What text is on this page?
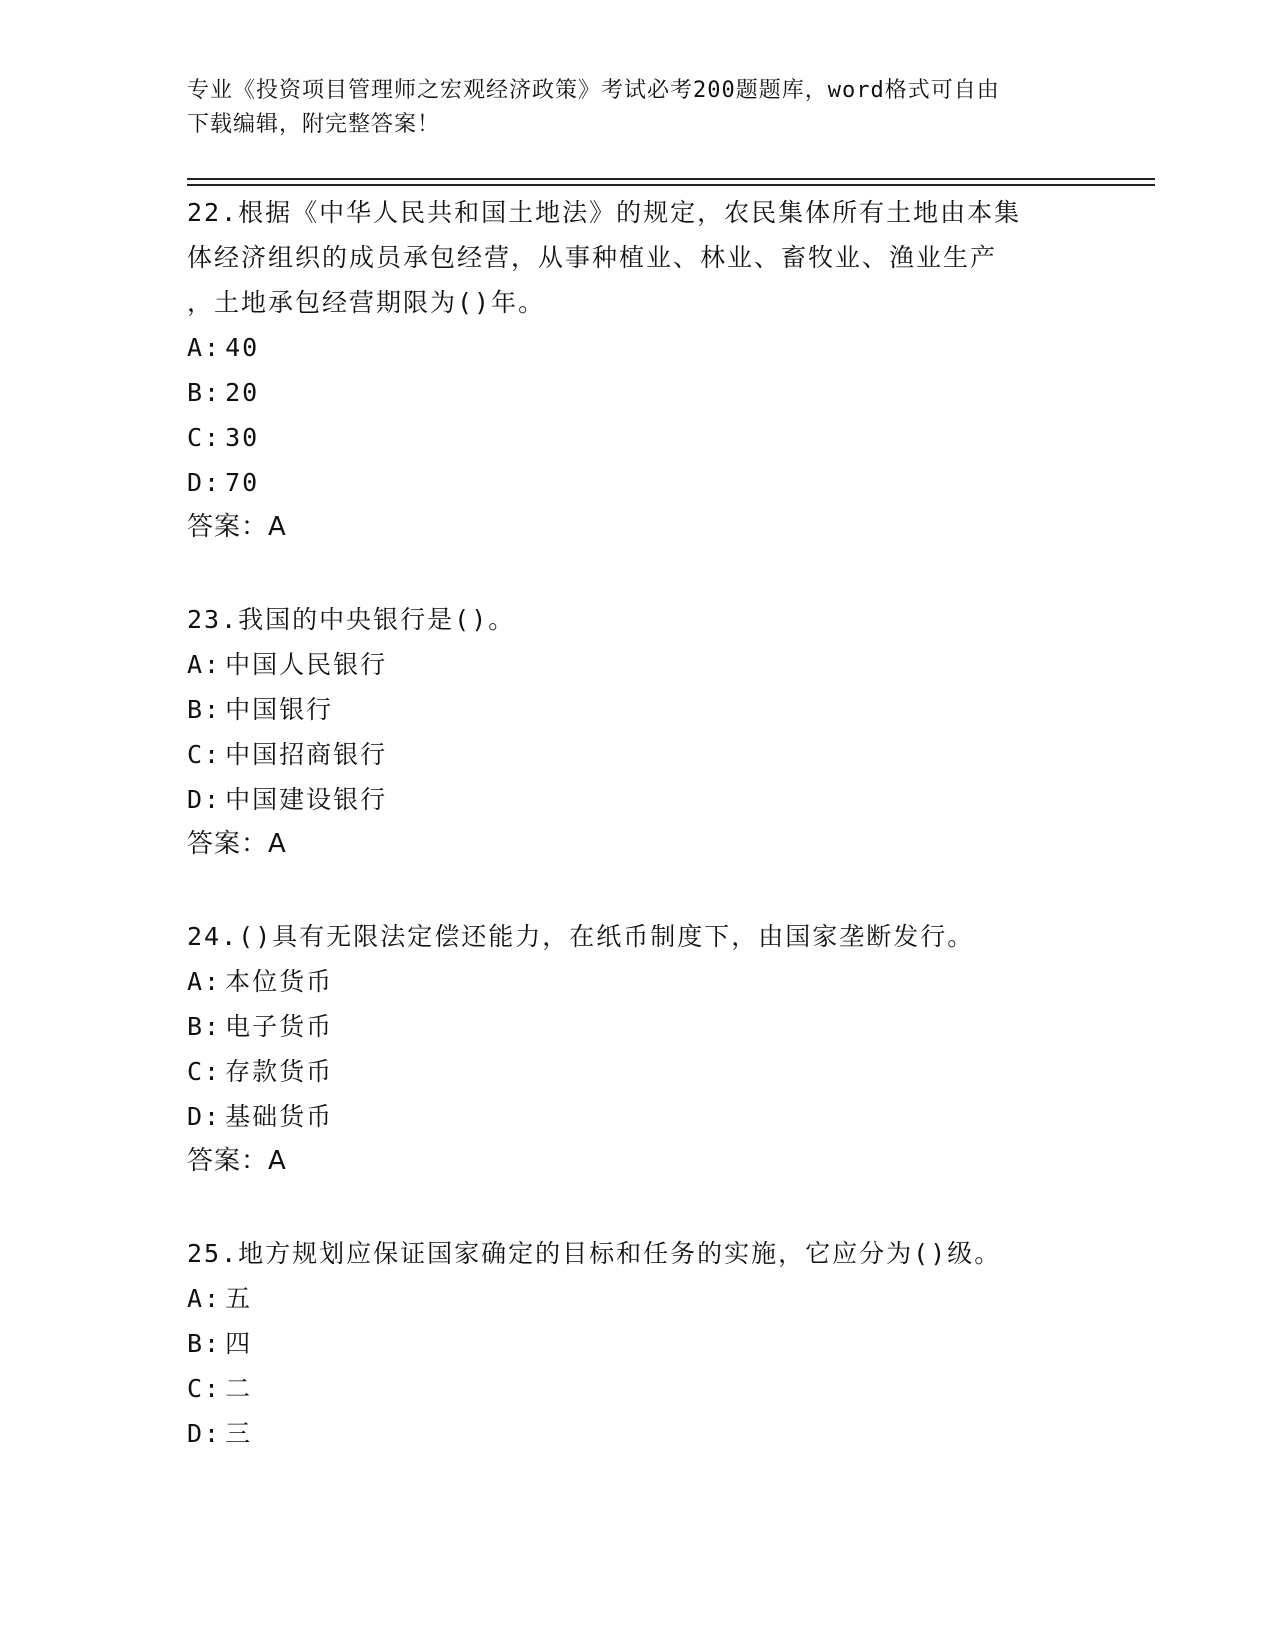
专业《投资项目管理师之宏观经济政策》考试必考200题题库，word格式可自由
下载编辑，附完整答案！
22.根据《中华人民共和国土地法》的规定，农民集体所有土地由本集
体经济组织的成员承包经营，从事种植业、林业、畜牧业、渔业生产
，土地承包经营期限为()年。
A: 40
B: 20
C: 30
D: 70
答案：A
23.我国的中央银行是()。
A: 中国人民银行
B: 中国银行
C: 中国招商银行
D: 中国建设银行
答案：A
24.()具有无限法定偿还能力，在纸币制度下，由国家垄断发行。
A: 本位货币
B: 电子货币
C: 存款货币
D: 基础货币
答案：A
25.地方规划应保证国家确定的目标和任务的实施，它应分为()级。
A: 五
B: 四
C: 二
D: 三
